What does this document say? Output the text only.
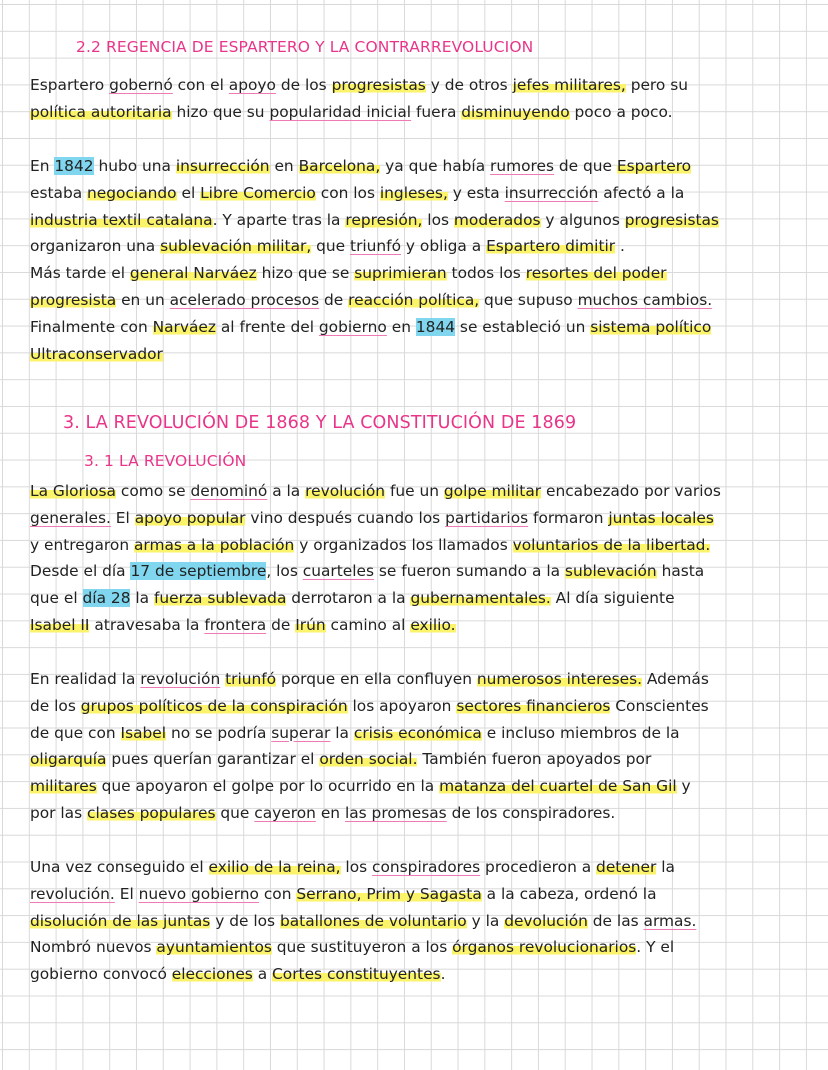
2.2 REGENCIA DE ESPARTERO Y LA CONTRARREVOLUCION
3. LA REVOLUCIÓN DE 1868 Y LA CONSTITUCIÓN DE 1869
3. 1 LA REVOLUCIÓN
Espartero gobernó con el apoyo de los progresistas y de otros jefes militares, pero su
política autoritaria hizo que su popularidad inicial fuera disminuyendo poco a poco.
En 1842 hubo una insurrección en Barcelona, ya que había rumores de que Espartero
estaba negociando el Libre Comercio con los ingleses, y esta insurrección afectó a la
industria textil catalana. Y aparte tras la represión, los moderados y algunos progresistas
organizaron una sublevación militar, que triunfó y obliga a Espartero dimitir .
Más tarde el general Narváez hizo que se suprimieran todos los resortes del poder
progresista en un acelerado procesos de reacción política, que supuso muchos cambios.
Finalmente con Narváez al frente del gobierno en 1844 se estableció un sistema político
Ultraconservador
La Gloriosa como se denominó a la revolución fue un golpe militar encabezado por varios
generales. El apoyo popular vino después cuando los partidarios formaron juntas locales
y entregaron armas a la población y organizados los llamados voluntarios de la libertad.
Desde el día 17 de septiembre, los cuarteles se fueron sumando a la sublevación hasta
que el día 28 la fuerza sublevada derrotaron a la gubernamentales. Al día siguiente
Isabel II atravesaba la frontera de Irún camino al exilio.
En realidad la revolución triunfó porque en ella confluyen numerosos intereses. Además
de los grupos políticos de la conspiración los apoyaron sectores financieros Conscientes
de que con Isabel no se podría superar la crisis económica e incluso miembros de la
oligarquía pues querían garantizar el orden social. También fueron apoyados por
militares que apoyaron el golpe por lo ocurrido en la matanza del cuartel de San Gil y
por las clases populares que cayeron en las promesas de los conspiradores.
Una vez conseguido el exilio de la reina, los conspiradores procedieron a detener la
revolución. El nuevo gobierno con Serrano, Prim y Sagasta a la cabeza, ordenó la
disolución de las juntas y de los batallones de voluntario y la devolución de las armas.
Nombró nuevos ayuntamientos que sustituyeron a los órganos revolucionarios. Y el
gobierno convocó elecciones a Cortes constituyentes.
